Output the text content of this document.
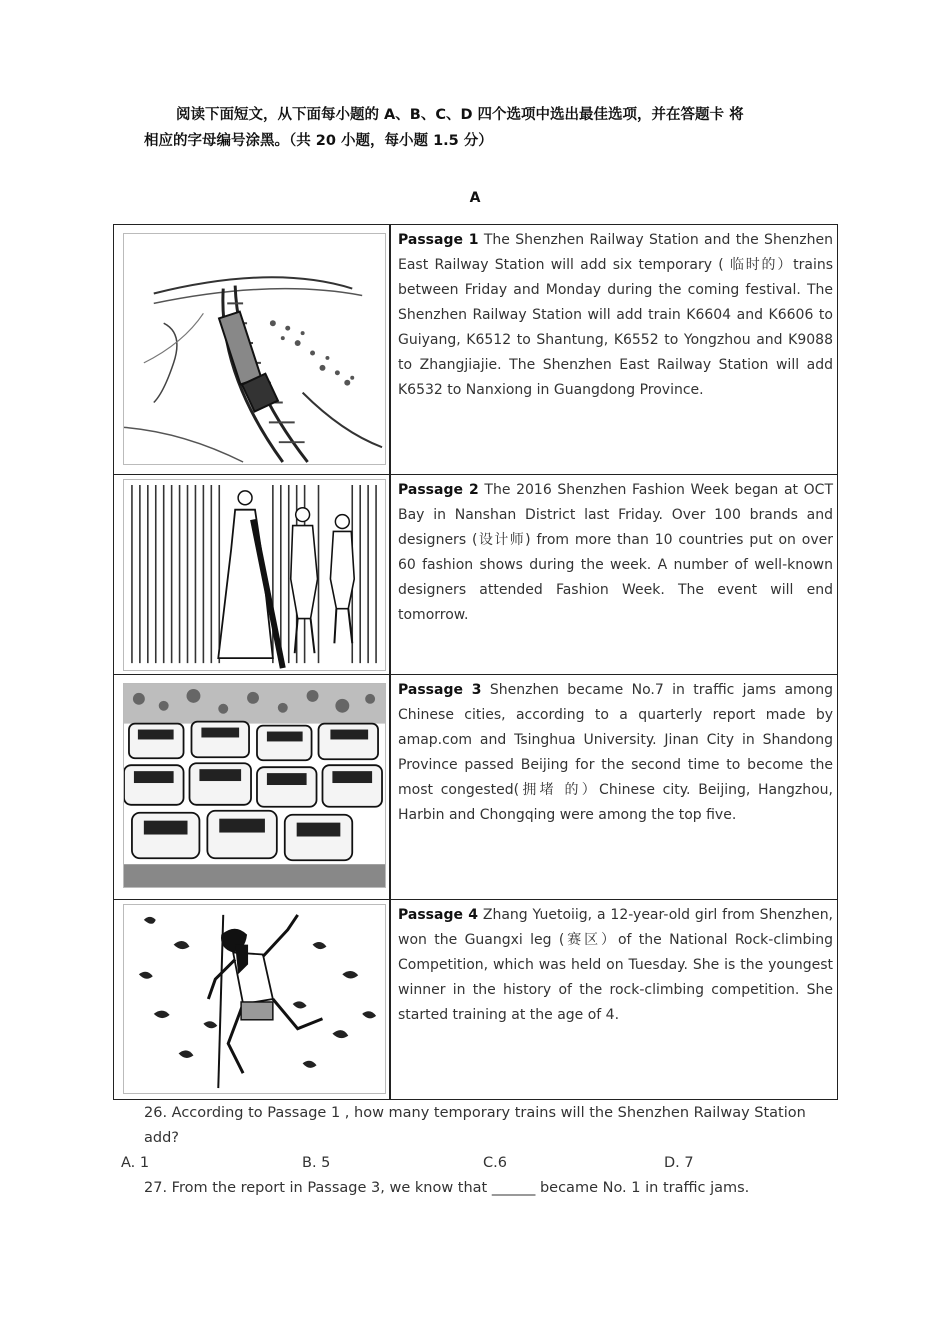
阅读下面短文，从下面每小题的 A、B、C、D 四个选项中选出最佳选项，并在答题卡 将
相应的字母编号涂黑。（共 20 小题，每小题 1.5 分）
A
Passage 1 The Shenzhen Railway Station and the Shenzhen East Railway Station will add six temporary ( 临时的）trains between Friday and Monday during the coming festival. The Shenzhen Railway Station will add train K6604 and K6606 to Guiyang, K6512 to Shantung, K6552 to Yongzhou and K9088 to Zhangjiajie. The Shenzhen East Railway Station will add K6532 to Nanxiong in Guangdong Province.
Passage 2 The 2016 Shenzhen Fashion Week began at OCT Bay in Nanshan District last Friday. Over 100 brands and designers (设计师) from more than 10 countries put on over 60 fashion shows during the week. A number of well-known designers attended Fashion Week. The event will end tomorrow.
Passage 3 Shenzhen became No.7 in traffic jams among Chinese cities, according to a quarterly report made by amap.com and Tsinghua University. Jinan City in Shandong Province passed Beijing for the second time to become the most congested(拥堵 的）Chinese city. Beijing, Hangzhou, Harbin and Chongqing were among the top five.
Passage 4 Zhang Yuetoiig, a 12-year-old girl from Shenzhen, won the Guangxi leg (赛区）of the National Rock-climbing Competition, which was held on Tuesday. She is the youngest winner in the history of the rock-climbing competition. She started training at the age of 4.
26. According to Passage 1 , how many temporary trains will the Shenzhen Railway Station
add?
A. 1	B. 5	C.6	D. 7
27. From the report in Passage 3, we know that ______ became No. 1 in traffic jams.
